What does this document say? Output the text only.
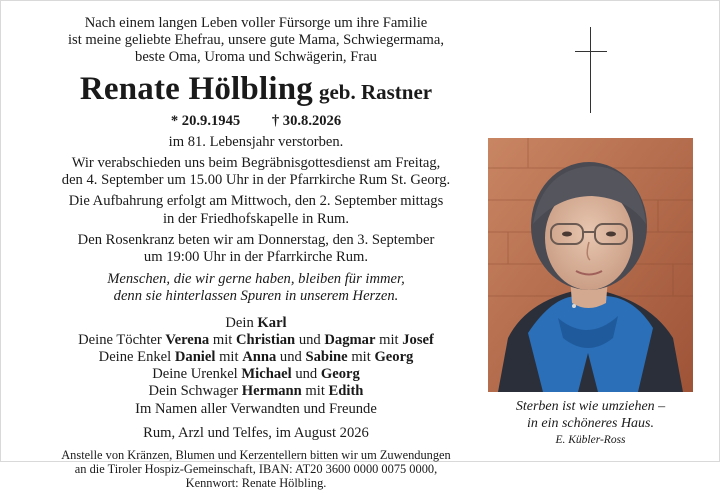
Nach einem langen Leben voller Fürsorge um ihre Familie
ist meine geliebte Ehefrau, unsere gute Mama, Schwiegermama,
beste Oma, Uroma und Schwägerin, Frau

Renate Hölbling geb. Rastner
* 20.9.1945 † 30.8.2026

im 81. Lebensjahr verstorben.

Wir verabschieden uns beim Begräbnisgottesdienst am Freitag,
den 4. September um 15.00 Uhr in der Pfarrkirche Rum St. Georg.

Die Aufbahrung erfolgt am Mittwoch, den 2. September mittags
in der Friedhofskapelle in Rum.

Den Rosenkranz beten wir am Donnerstag, den 3. September
um 19:00 Uhr in der Pfarrkirche Rum.

Menschen, die wir gerne haben, bleiben für immer,
denn sie hinterlassen Spuren in unserem Herzen.

Dein Karl
Deine Töchter Verena mit Christian und Dagmar mit Josef
Deine Enkel Daniel mit Anna und Sabine mit Georg
Deine Urenkel Michael und Georg
Dein Schwager Hermann mit Edith
Im Namen aller Verwandten und Freunde
Rum, Arzl und Telfes, im August 2026
Anstelle von Kränzen, Blumen und Kerzentellern bitten wir um Zuwendungen
an die Tiroler Hospiz-Gemeinschaft, IBAN: AT20 3600 0000 0075 0000,
Kennwort: Renate Hölbling.
Sterben ist wie umziehen –
in ein schöneres Haus.
E. Kübler-Ross
